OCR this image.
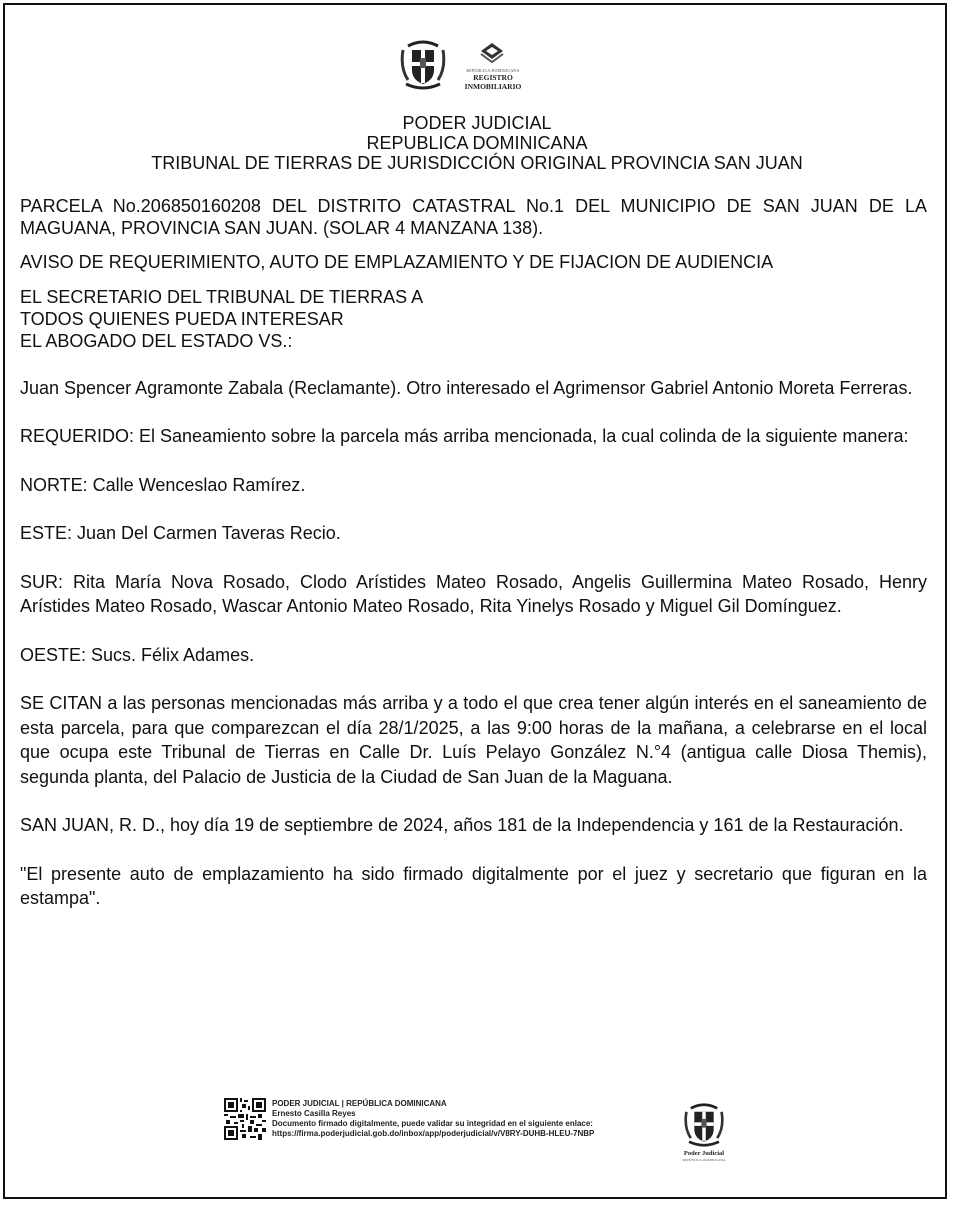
REPÚBLICA DOMINICANA
REGISTRO
INMOBILIARIO
PODER JUDICIAL
REPUBLICA DOMINICANA
TRIBUNAL DE TIERRAS DE JURISDICCIÓN ORIGINAL PROVINCIA SAN JUAN

PARCELA No.206850160208 DEL DISTRITO CATASTRAL No.1 DEL MUNICIPIO DE SAN JUAN DE LA MAGUANA, PROVINCIA SAN JUAN. (SOLAR 4 MANZANA 138).

AVISO DE REQUERIMIENTO, AUTO DE EMPLAZAMIENTO Y DE FIJACION DE AUDIENCIA

EL SECRETARIO DEL TRIBUNAL DE TIERRAS A
TODOS QUIENES PUEDA INTERESAR
EL ABOGADO DEL ESTADO VS.:

Juan Spencer Agramonte Zabala (Reclamante). Otro interesado el Agrimensor Gabriel Antonio Moreta Ferreras.

REQUERIDO: El Saneamiento sobre la parcela más arriba mencionada, la cual colinda de la siguiente manera:

NORTE: Calle Wenceslao Ramírez.

ESTE: Juan Del Carmen Taveras Recio.

SUR: Rita María Nova Rosado, Clodo Arístides Mateo Rosado, Angelis Guillermina Mateo Rosado, Henry Arístides Mateo Rosado, Wascar Antonio Mateo Rosado, Rita Yinelys Rosado y Miguel Gil Domínguez.

OESTE: Sucs. Félix Adames.

SE CITAN a las personas mencionadas más arriba y a todo el que crea tener algún interés en el saneamiento de esta parcela, para que comparezcan el día 28/1/2025, a las 9:00 horas de la mañana, a celebrarse en el local que ocupa este Tribunal de Tierras en Calle Dr. Luís Pelayo González N.°4 (antigua calle Diosa Themis), segunda planta, del Palacio de Justicia de la Ciudad de San Juan de la Maguana.

SAN JUAN, R. D., hoy día 19 de septiembre de 2024, años 181 de la Independencia y 161 de la Restauración.

"El presente auto de emplazamiento ha sido firmado digitalmente por el juez y secretario que figuran en la estampa".

PODER JUDICIAL | REPÚBLICA DOMINICANA
Ernesto Casilla Reyes
Documento firmado digitalmente, puede validar su integridad en el siguiente enlace:
https://firma.poderjudicial.gob.do/inbox/app/poderjudicial/v/V8RY-DUHB-HLEU-7NBP
Poder Judicial
REPÚBLICA DOMINICANA
